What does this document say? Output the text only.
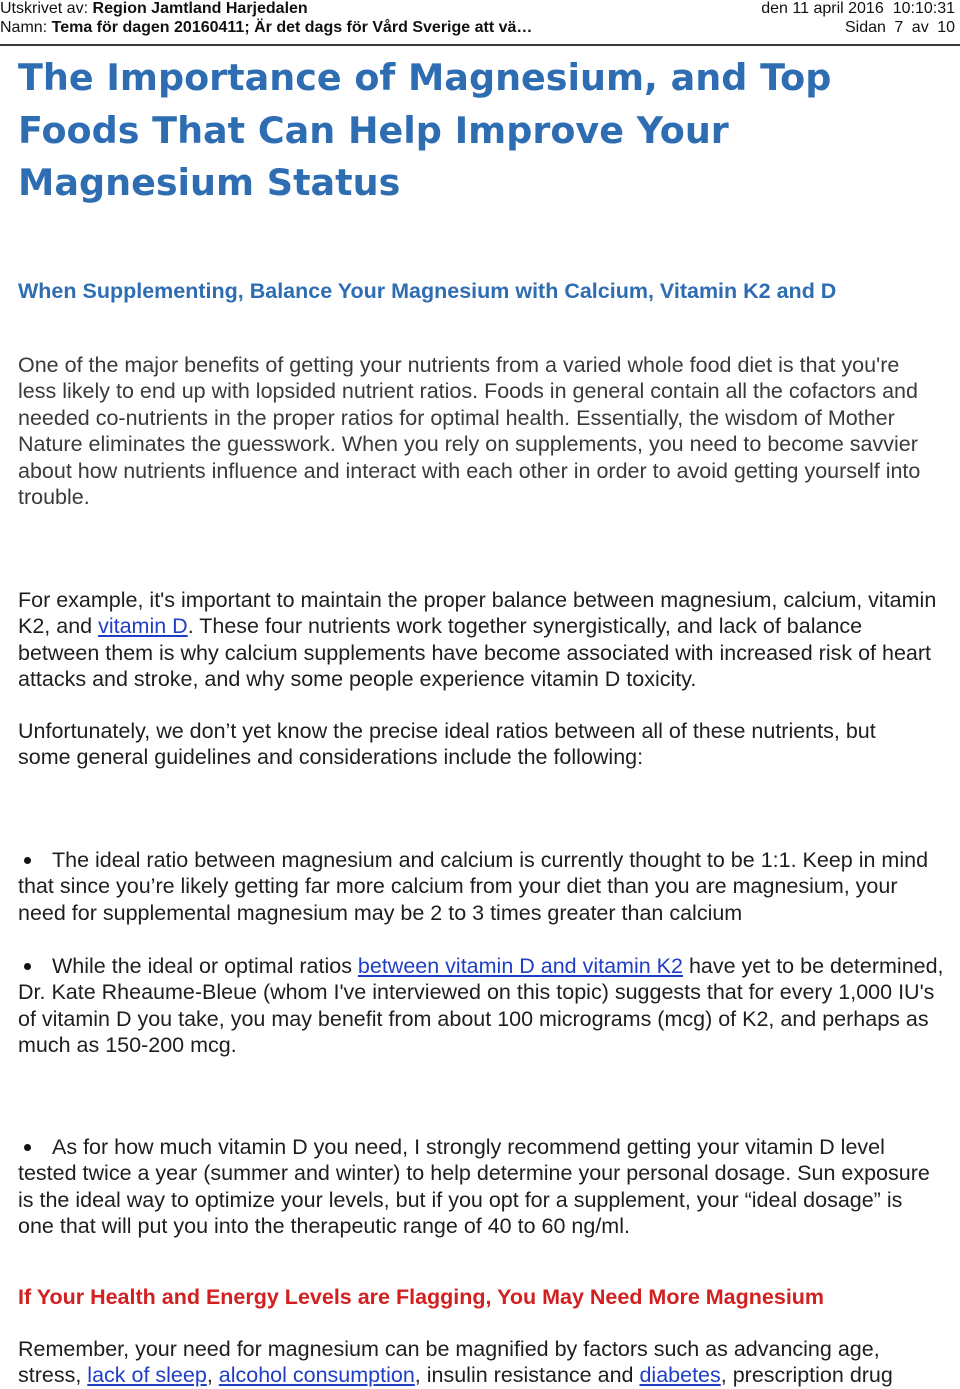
Utskrivet av: Region Jamtland Harjedalen	den 11 april 2016 10:10:31
Namn: Tema för dagen 20160411; Är det dags för Vård Sverige att vä…	Sidan 7 av 10
The Importance of Magnesium, and Top
Foods That Can Help Improve Your
Magnesium Status
When Supplementing, Balance Your Magnesium with Calcium, Vitamin K2 and D
One of the major benefits of getting your nutrients from a varied whole food diet is that you're
less likely to end up with lopsided nutrient ratios. Foods in general contain all the cofactors and
needed co-nutrients in the proper ratios for optimal health. Essentially, the wisdom of Mother
Nature eliminates the guesswork. When you rely on supplements, you need to become savvier
about how nutrients influence and interact with each other in order to avoid getting yourself into
trouble.
For example, it's important to maintain the proper balance between magnesium, calcium, vitamin
K2, and vitamin D. These four nutrients work together synergistically, and lack of balance
between them is why calcium supplements have become associated with increased risk of heart
attacks and stroke, and why some people experience vitamin D toxicity.
Unfortunately, we don’t yet know the precise ideal ratios between all of these nutrients, but
some general guidelines and considerations include the following:
The ideal ratio between magnesium and calcium is currently thought to be 1:1. Keep in mind
that since you’re likely getting far more calcium from your diet than you are magnesium, your
need for supplemental magnesium may be 2 to 3 times greater than calcium
While the ideal or optimal ratios between vitamin D and vitamin K2 have yet to be determined,
Dr. Kate Rheaume-Bleue (whom I've interviewed on this topic) suggests that for every 1,000 IU's
of vitamin D you take, you may benefit from about 100 micrograms (mcg) of K2, and perhaps as
much as 150-200 mcg.
As for how much vitamin D you need, I strongly recommend getting your vitamin D level
tested twice a year (summer and winter) to help determine your personal dosage. Sun exposure
is the ideal way to optimize your levels, but if you opt for a supplement, your “ideal dosage” is
one that will put you into the therapeutic range of 40 to 60 ng/ml.
If Your Health and Energy Levels are Flagging, You May Need More Magnesium
Remember, your need for magnesium can be magnified by factors such as advancing age,
stress, lack of sleep, alcohol consumption, insulin resistance and diabetes, prescription drug
